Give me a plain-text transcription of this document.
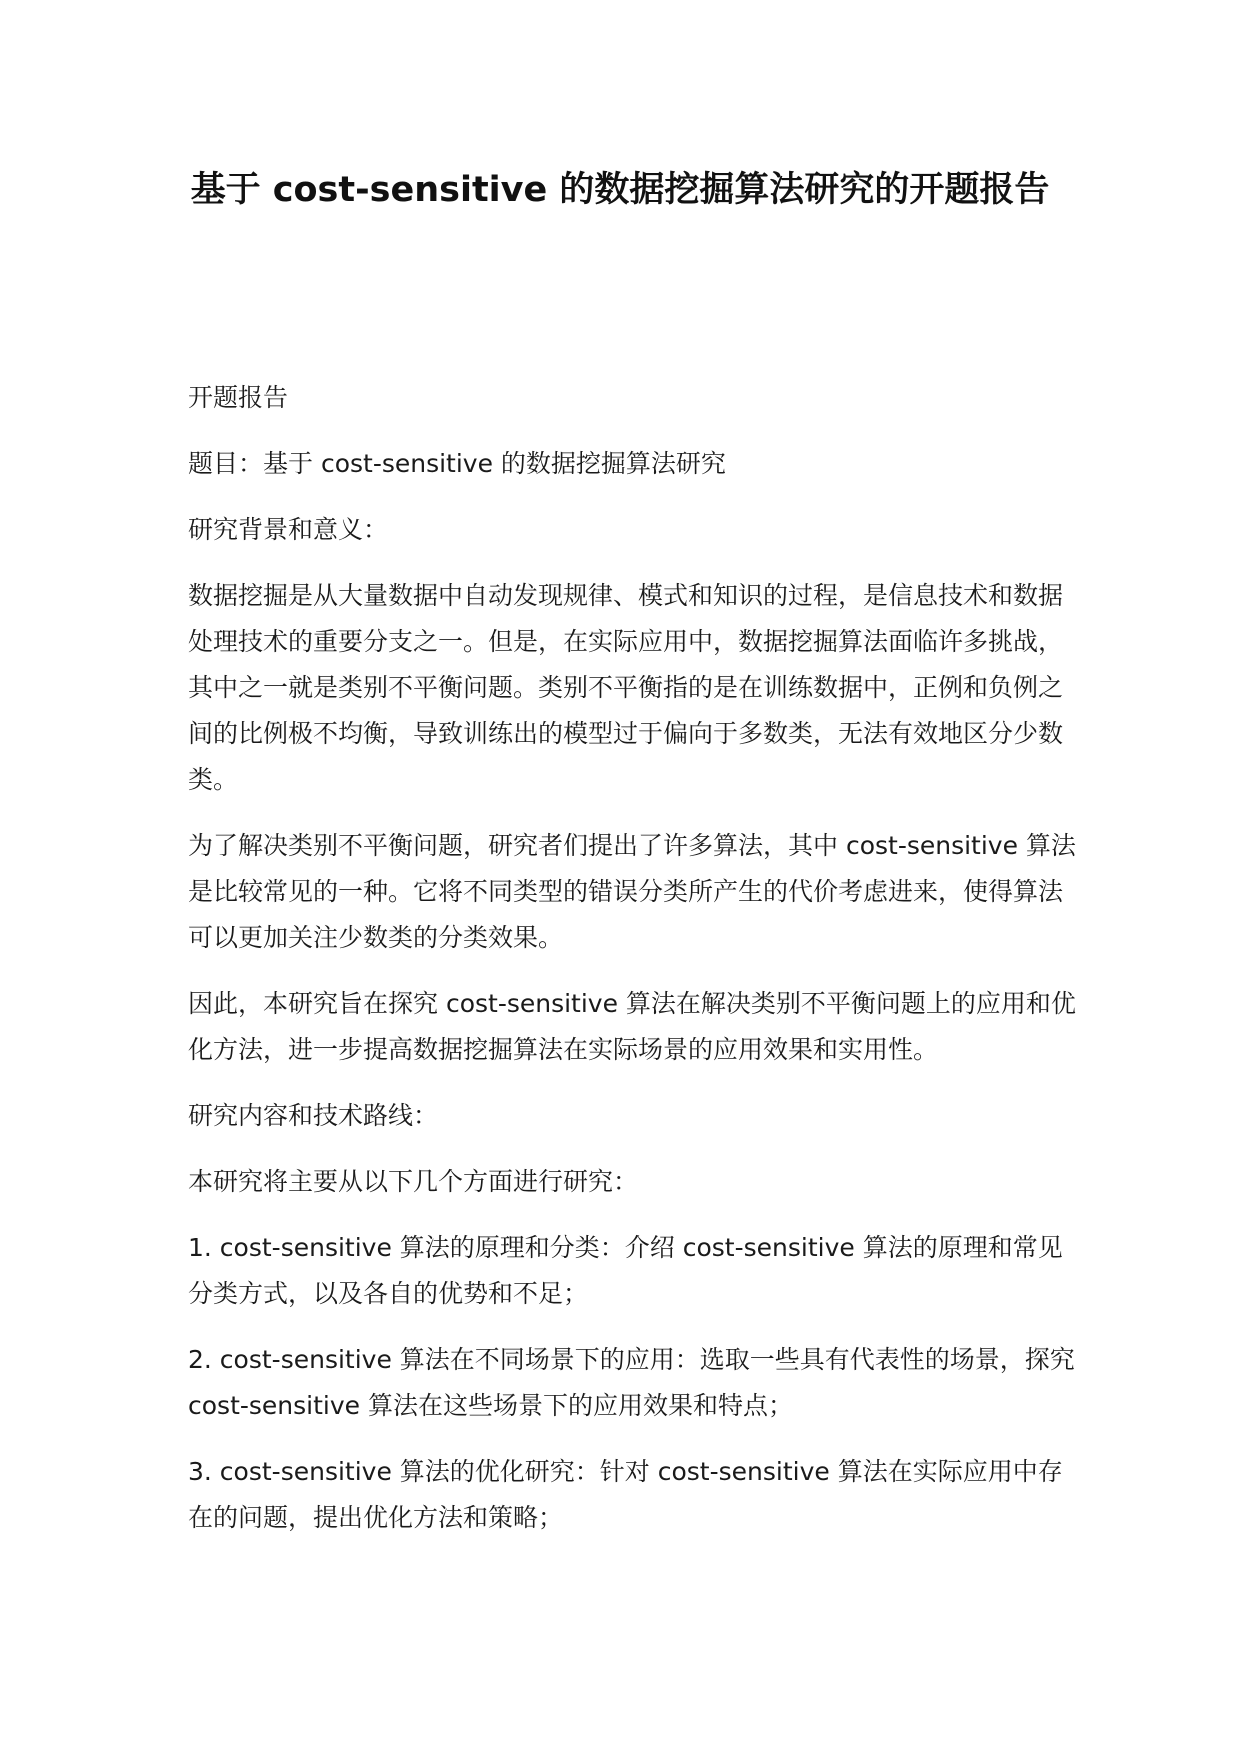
基于 cost-sensitive 的数据挖掘算法研究的开题报告

开题报告

题目：基于 cost-sensitive 的数据挖掘算法研究

研究背景和意义：

数据挖掘是从大量数据中自动发现规律、模式和知识的过程，是信息技术和数据处理技术的重要分支之一。但是，在实际应用中，数据挖掘算法面临许多挑战，其中之一就是类别不平衡问题。类别不平衡指的是在训练数据中，正例和负例之间的比例极不均衡，导致训练出的模型过于偏向于多数类，无法有效地区分少数类。

为了解决类别不平衡问题，研究者们提出了许多算法，其中 cost-sensitive 算法是比较常见的一种。它将不同类型的错误分类所产生的代价考虑进来，使得算法可以更加关注少数类的分类效果。

因此，本研究旨在探究 cost-sensitive 算法在解决类别不平衡问题上的应用和优化方法，进一步提高数据挖掘算法在实际场景的应用效果和实用性。

研究内容和技术路线：

本研究将主要从以下几个方面进行研究：

1. cost-sensitive 算法的原理和分类：介绍 cost-sensitive 算法的原理和常见分类方式，以及各自的优势和不足；

2. cost-sensitive 算法在不同场景下的应用：选取一些具有代表性的场景，探究 cost-sensitive 算法在这些场景下的应用效果和特点；

3. cost-sensitive 算法的优化研究：针对 cost-sensitive 算法在实际应用中存在的问题，提出优化方法和策略；
